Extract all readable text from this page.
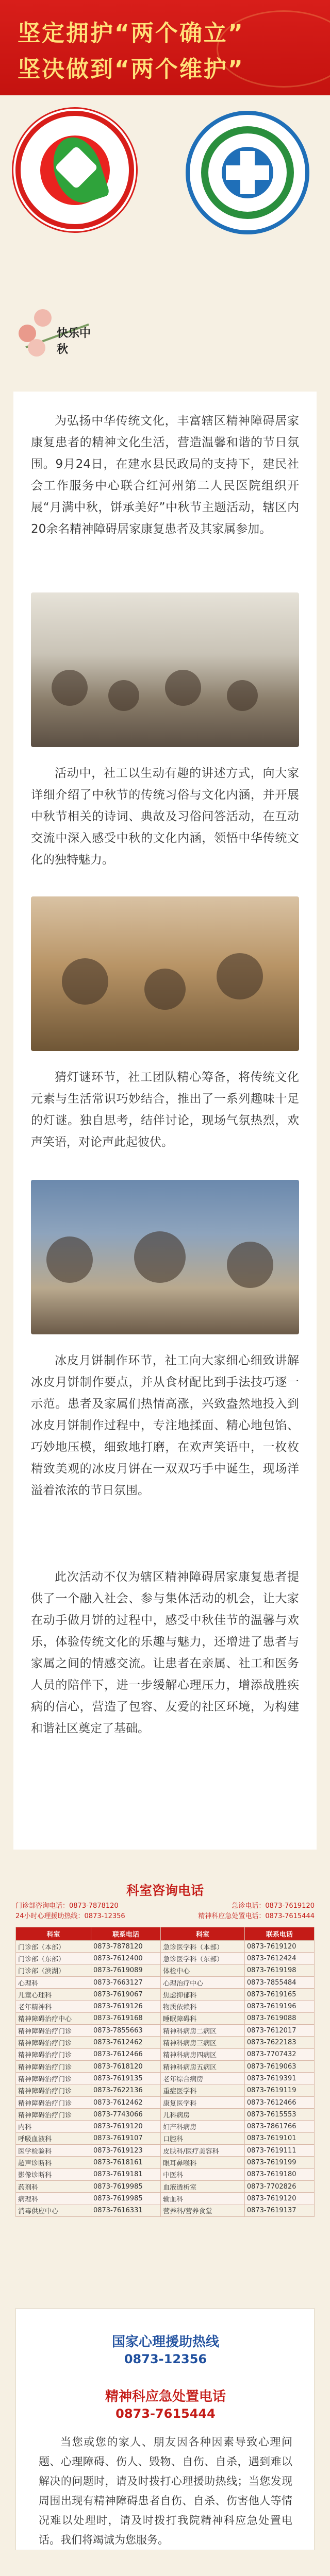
坚定拥护“两个确立”
坚决做到“两个维护”
快乐中秋
为弘扬中华传统文化，丰富辖区精神障碍居家康复患者的精神文化生活，营造温馨和谐的节日氛围。9月24日，在建水县民政局的支持下，建民社会工作服务中心联合红河州第二人民医院组织开展“月满中秋，饼承美好”中秋节主题活动，辖区内20余名精神障碍居家康复患者及其家属参加。
活动中，社工以生动有趣的讲述方式，向大家详细介绍了中秋节的传统习俗与文化内涵，并开展中秋节相关的诗词、典故及习俗问答活动，在互动交流中深入感受中秋的文化内涵，领悟中华传统文化的独特魅力。
猜灯谜环节，社工团队精心筹备，将传统文化元素与生活常识巧妙结合，推出了一系列趣味十足的灯谜。独自思考，结伴讨论，现场气氛热烈，欢声笑语，对论声此起彼伏。
冰皮月饼制作环节，社工向大家细心细致讲解冰皮月饼制作要点，并从食材配比到手法技巧逐一示范。患者及家属们热情高涨，兴致盎然地投入到冰皮月饼制作过程中，专注地揉面、精心地包馅、巧妙地压模，细致地打磨，在欢声笑语中，一枚枚精致美观的冰皮月饼在一双双巧手中诞生，现场洋溢着浓浓的节日氛围。
此次活动不仅为辖区精神障碍居家康复患者提供了一个融入社会、参与集体活动的机会，让大家在动手做月饼的过程中，感受中秋佳节的温馨与欢乐，体验传统文化的乐趣与魅力，还增进了患者与家属之间的情感交流。让患者在亲属、社工和医务人员的陪伴下，进一步缓解心理压力，增添战胜疾病的信心，营造了包容、友爱的社区环境，为构建和谐社区奠定了基础。
科室咨询电话
门诊部咨询电话：0873-7878120	急诊电话：0873-7619120
24小时心理援助热线：0873-12356	精神科应急处置电话：0873-7615444
科室	联系电话	科室	联系电话
门诊部（本部）	0873-7878120	急诊医学科（本部）	0873-7619120
门诊部（东部）	0873-7612400	急诊医学科（东部）	0873-7612424
门诊部（滨湖）	0873-7619089	体检中心	0873-7619198
心理科	0873-7663127	心理治疗中心	0873-7855484
儿童心理科	0873-7619067	焦虑抑郁科	0873-7619165
老年精神科	0873-7619126	物质依赖科	0873-7619196
精神障碍治疗中心	0873-7619168	睡眠障碍科	0873-7619088
精神障碍治疗门诊	0873-7855663	精神科病房二病区	0873-7612017
精神障碍治疗门诊	0873-7612462	精神科病房三病区	0873-7622183
精神障碍治疗门诊	0873-7612466	精神科病房四病区	0873-7707432
精神障碍治疗门诊	0873-7618120	精神科病房五病区	0873-7619063
精神障碍治疗门诊	0873-7619135	老年综合病房	0873-7619391
精神障碍治疗门诊	0873-7622136	重症医学科	0873-7619119
精神障碍治疗门诊	0873-7612462	康复医学科	0873-7612466
精神障碍治疗门诊	0873-7743066	儿科病房	0873-7615553
内科	0873-7619120	妇产科病房	0873-7861766
呼吸血液科	0873-7619107	口腔科	0873-7619101
医学检验科	0873-7619123	皮肤科/医疗美容科	0873-7619111
超声诊断科	0873-7618161	眼耳鼻喉科	0873-7619199
影像诊断科	0873-7619181	中医科	0873-7619180
药剂科	0873-7619985	血液透析室	0873-7702826
病理科	0873-7619985	输血科	0873-7619120
消毒供应中心	0873-7616331	营养科/营养食堂	0873-7619137
国家心理援助热线
0873-12356
精神科应急处置电话
0873-7615444
当您或您的家人、朋友因各种因素导致心理问题、心理障碍、伤人、毁物、自伤、自杀，遇到难以解决的问题时，请及时拨打心理援助热线；当您发现周围出现有精神障碍患者自伤、自杀、伤害他人等情况难以处理时，请及时拨打我院精神科应急处置电话。我们将竭诚为您服务。
